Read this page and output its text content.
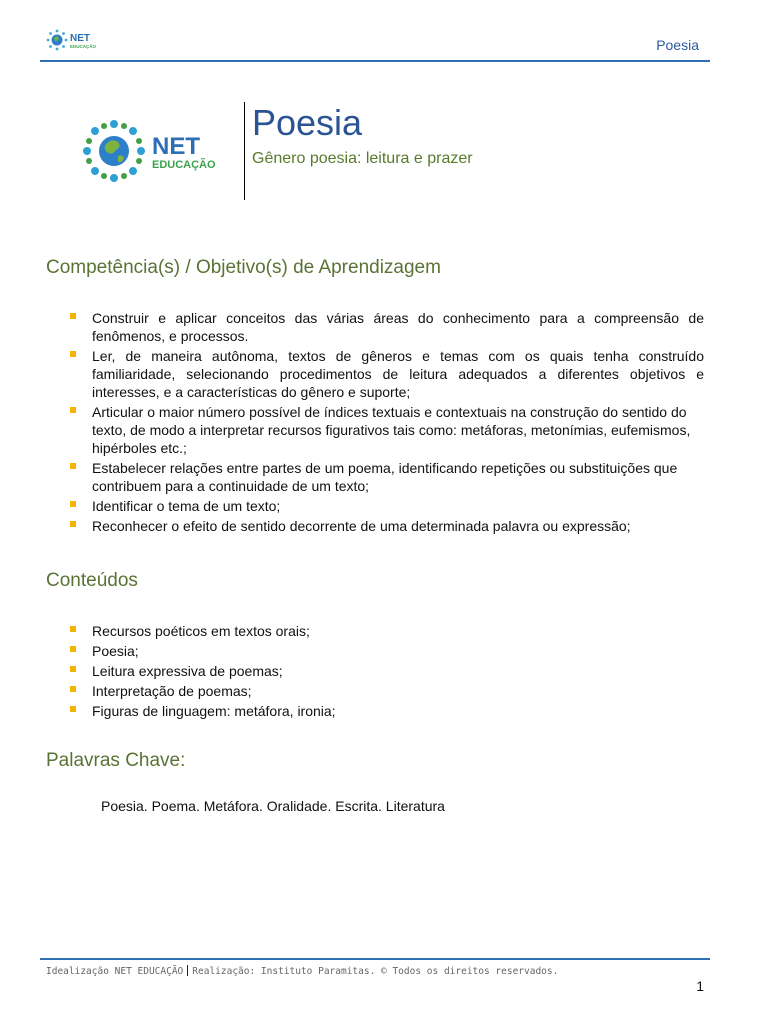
NET
EDUCAÇÃO	Poesia
NET
EDUCAÇÃO
Poesia
Gênero poesia: leitura e prazer
Competência(s) / Objetivo(s) de Aprendizagem
Construir e aplicar conceitos das várias áreas do conhecimento para a compreensão de fenômenos, e processos.
Ler, de maneira autônoma, textos de gêneros e temas com os quais tenha construído familiaridade, selecionando procedimentos de leitura adequados a diferentes objetivos e interesses, e a características do gênero e suporte;
Articular o maior número possível de índices textuais e contextuais na construção do sentido do texto, de modo a interpretar recursos figurativos tais como: metáforas, metonímias, eufemismos, hipérboles etc.;
Estabelecer relações entre partes de um poema, identificando repetições ou substituições que contribuem para a continuidade de um texto;
Identificar o tema de um texto;
Reconhecer o efeito de sentido decorrente de uma determinada palavra ou expressão;
Conteúdos
Recursos poéticos em textos orais;
Poesia;
Leitura expressiva de poemas;
Interpretação de poemas;
Figuras de linguagem: metáfora, ironia;
Palavras Chave:
Poesia. Poema. Metáfora. Oralidade. Escrita. Literatura
Idealização NET EDUCAÇÃO Realização: Instituto Paramitas. © Todos os direitos reservados.
1
